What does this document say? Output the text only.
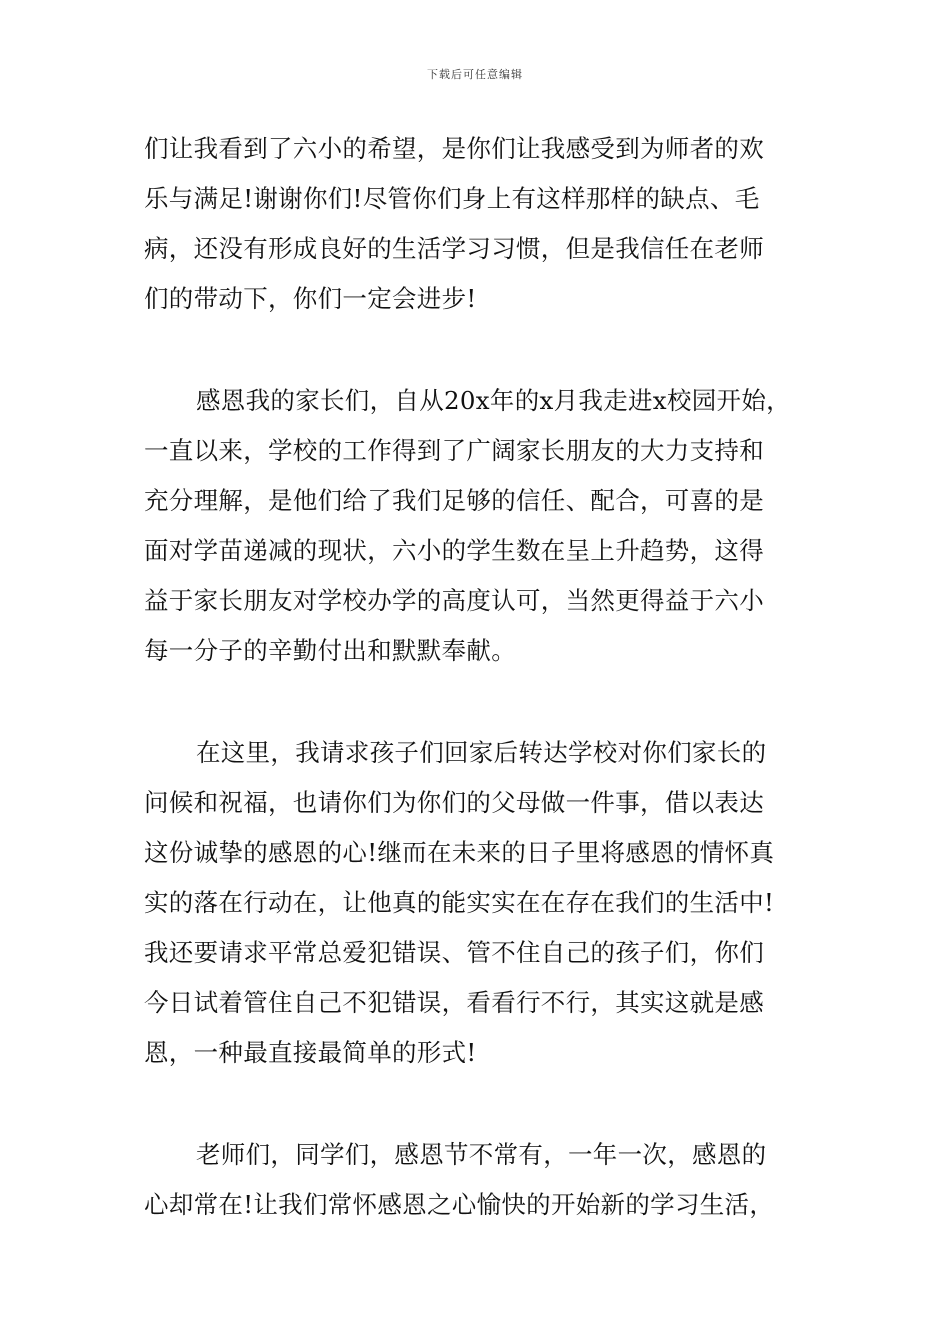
下载后可任意编辑
们让我看到了六小的希望，是你们让我感受到为师者的欢
乐与满足!谢谢你们!尽管你们身上有这样那样的缺点、毛
病，还没有形成良好的生活学习习惯，但是我信任在老师
们的带动下，你们一定会进步!
感恩我的家长们，自从20x年的x月我走进x校园开始，
一直以来，学校的工作得到了广阔家长朋友的大力支持和
充分理解，是他们给了我们足够的信任、配合，可喜的是
面对学苗递减的现状，六小的学生数在呈上升趋势，这得
益于家长朋友对学校办学的高度认可，当然更得益于六小
每一分子的辛勤付出和默默奉献。
在这里，我请求孩子们回家后转达学校对你们家长的
问候和祝福，也请你们为你们的父母做一件事，借以表达
这份诚挚的感恩的心!继而在未来的日子里将感恩的情怀真
实的落在行动在，让他真的能实实在在存在我们的生活中!
我还要请求平常总爱犯错误、管不住自己的孩子们，你们
今日试着管住自己不犯错误，看看行不行，其实这就是感
恩，一种最直接最简单的形式!
老师们，同学们，感恩节不常有，一年一次，感恩的
心却常在!让我们常怀感恩之心愉快的开始新的学习生活，
